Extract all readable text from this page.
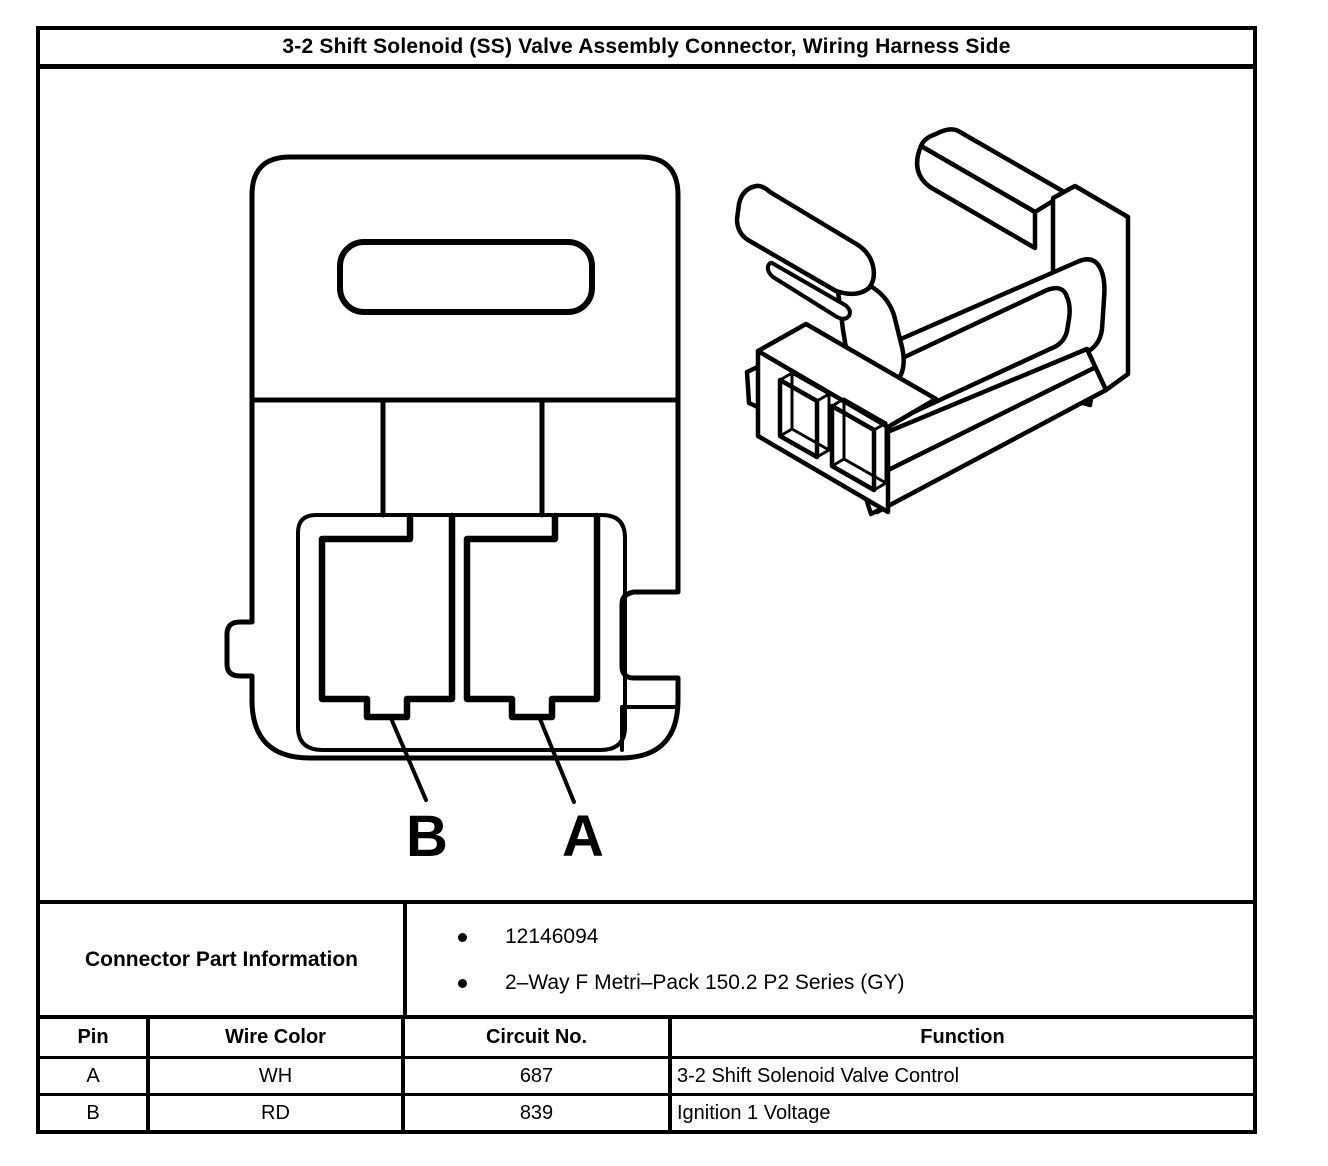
3-2 Shift Solenoid (SS) Valve Assembly Connector, Wiring Harness Side
B A
Connector Part Information
12146094
2–Way F Metri–Pack 150.2 P2 Series (GY)
Pin	Wire Color	Circuit No.	Function
A	WH	687	3-2 Shift Solenoid Valve Control
B	RD	839	Ignition 1 Voltage
